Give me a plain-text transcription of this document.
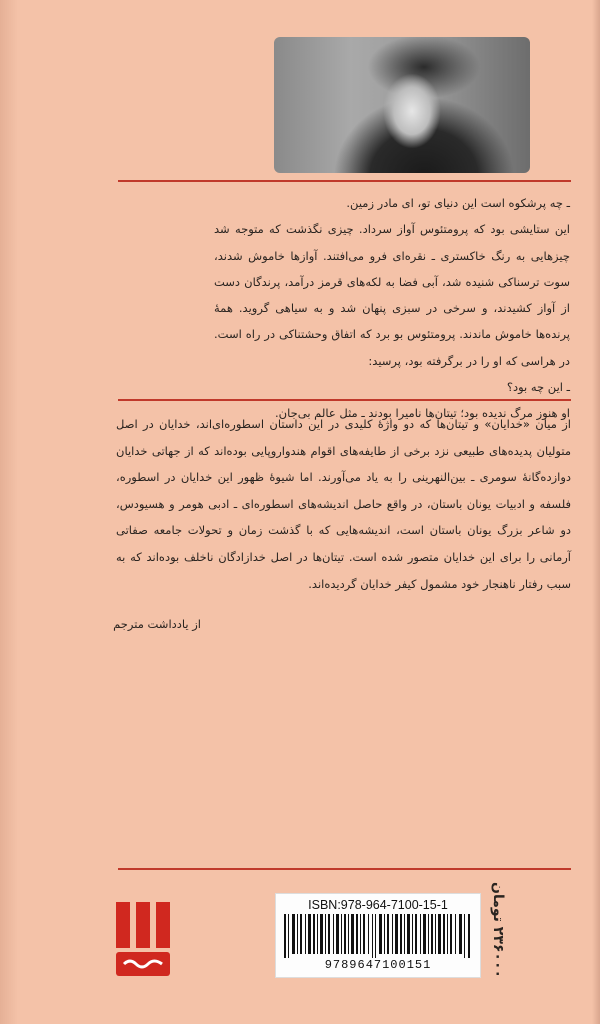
ـ چه پرشکوه است این دنیای تو، ای مادر زمین.

این ستایشی بود که پرومتئوس آواز سرداد. چیزی نگذشت که متوجه شد چیزهایی به رنگ خاکستری ـ نقره‌ای فرو می‌افتند. آوازها خاموش شدند، سوت ترسناکی شنیده شد، آبی فضا به لکه‌های قرمز درآمد، پرندگان دست از آواز کشیدند، و سرخی در سبزی پنهان شد و به سیاهی گروید. همهٔ پرنده‌ها خاموش ماندند. پرومتئوس بو برد که اتفاق وحشتناکی در راه است. در هراسی که او را در برگرفته بود، پرسید:

ـ این چه بود؟

او هنوز مرگ ندیده بود؛ تیتان‌ها نامیرا بودند ـ مثل عالم بی‌جان.

از میان «خدایان» و تیتان‌ها که دو واژهٔ کلیدی در این داستان اسطوره‌ای‌اند، خدایان در اصل متولیان پدیده‌های طبیعی نزد برخی از طایفه‌های اقوام هندواروپایی بوده‌اند که از جهاتی خدایان دوازده‌گانهٔ سومری ـ بین‌النهرینی را به یاد می‌آورند. اما شیوهٔ ظهور این خدایان در اسطوره، فلسفه و ادبیات یونان باستان، در واقع حاصل اندیشه‌های اسطوره‌ای ـ ادبی هومر و هسیودس، دو شاعر بزرگ یونان باستان است، اندیشه‌هایی که با گذشت زمان و تحولات جامعه صفاتی آرمانی را برای این خدایان متصور شده است. تیتان‌ها در اصل خدازادگان ناخلف بوده‌اند که به سبب رفتار ناهنجار خود مشمول کیفر خدایان گردیده‌اند.

از یادداشت مترجم
ISBN:978-964-7100-15-1
9789647100151
۲۳۶۰۰۰ تومان
